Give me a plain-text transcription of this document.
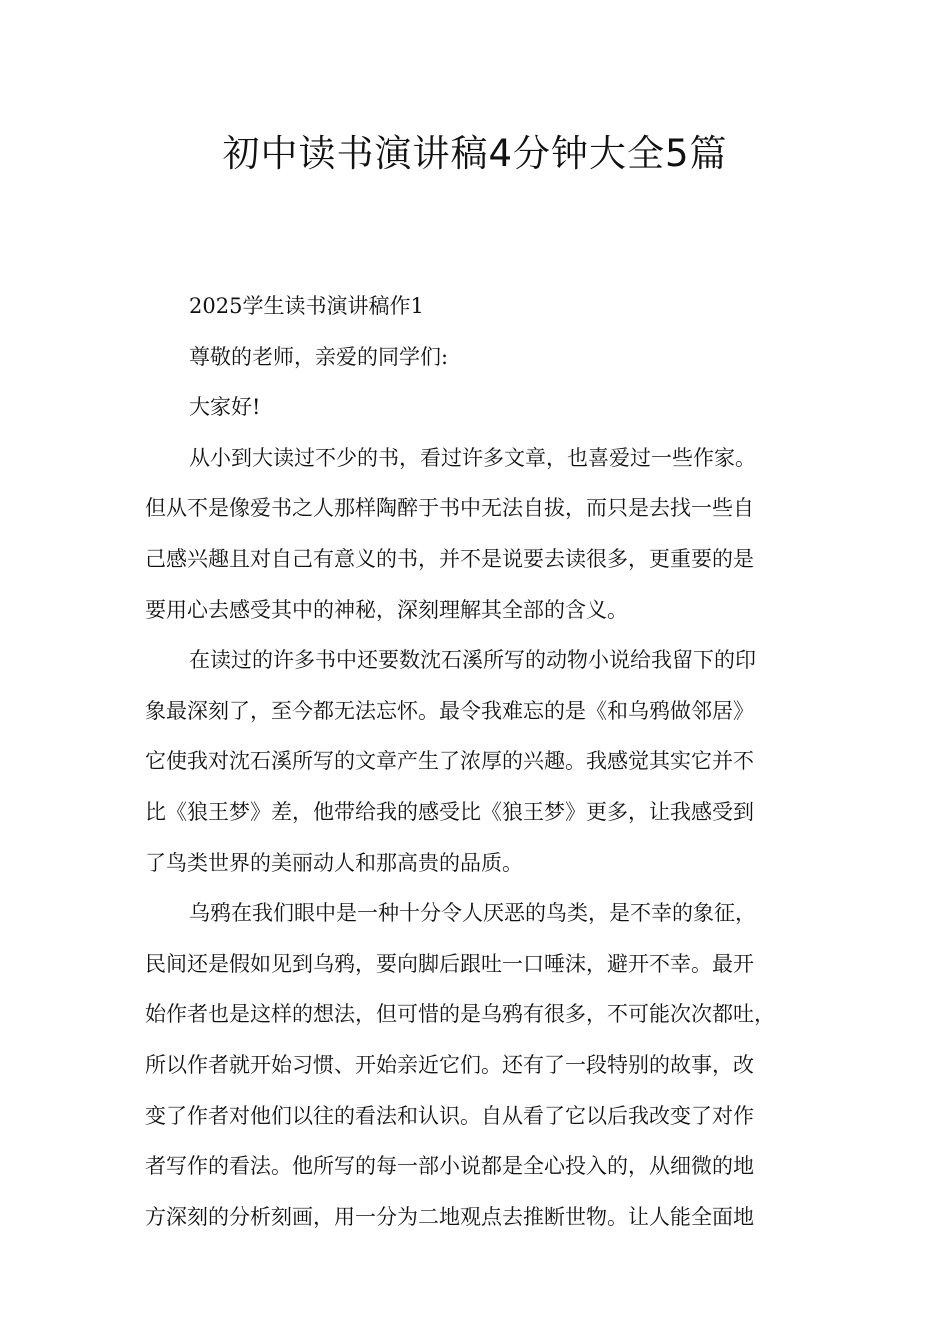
初中读书演讲稿4分钟大全5篇
2025学生读书演讲稿作1
尊敬的老师，亲爱的同学们:
大家好!
从小到大读过不少的书，看过许多文章，也喜爱过一些作家。
但从不是像爱书之人那样陶醉于书中无法自拔，而只是去找一些自
己感兴趣且对自己有意义的书，并不是说要去读很多，更重要的是
要用心去感受其中的神秘，深刻理解其全部的含义。
在读过的许多书中还要数沈石溪所写的动物小说给我留下的印
象最深刻了，至今都无法忘怀。最令我难忘的是《和乌鸦做邻居》
它使我对沈石溪所写的文章产生了浓厚的兴趣。我感觉其实它并不
比《狼王梦》差，他带给我的感受比《狼王梦》更多，让我感受到
了鸟类世界的美丽动人和那高贵的品质。
乌鸦在我们眼中是一种十分令人厌恶的鸟类，是不幸的象征，
民间还是假如见到乌鸦，要向脚后跟吐一口唾沫，避开不幸。最开
始作者也是这样的想法，但可惜的是乌鸦有很多，不可能次次都吐，
所以作者就开始习惯、开始亲近它们。还有了一段特别的故事，改
变了作者对他们以往的看法和认识。自从看了它以后我改变了对作
者写作的看法。他所写的每一部小说都是全心投入的，从细微的地
方深刻的分析刻画，用一分为二地观点去推断世物。让人能全面地
